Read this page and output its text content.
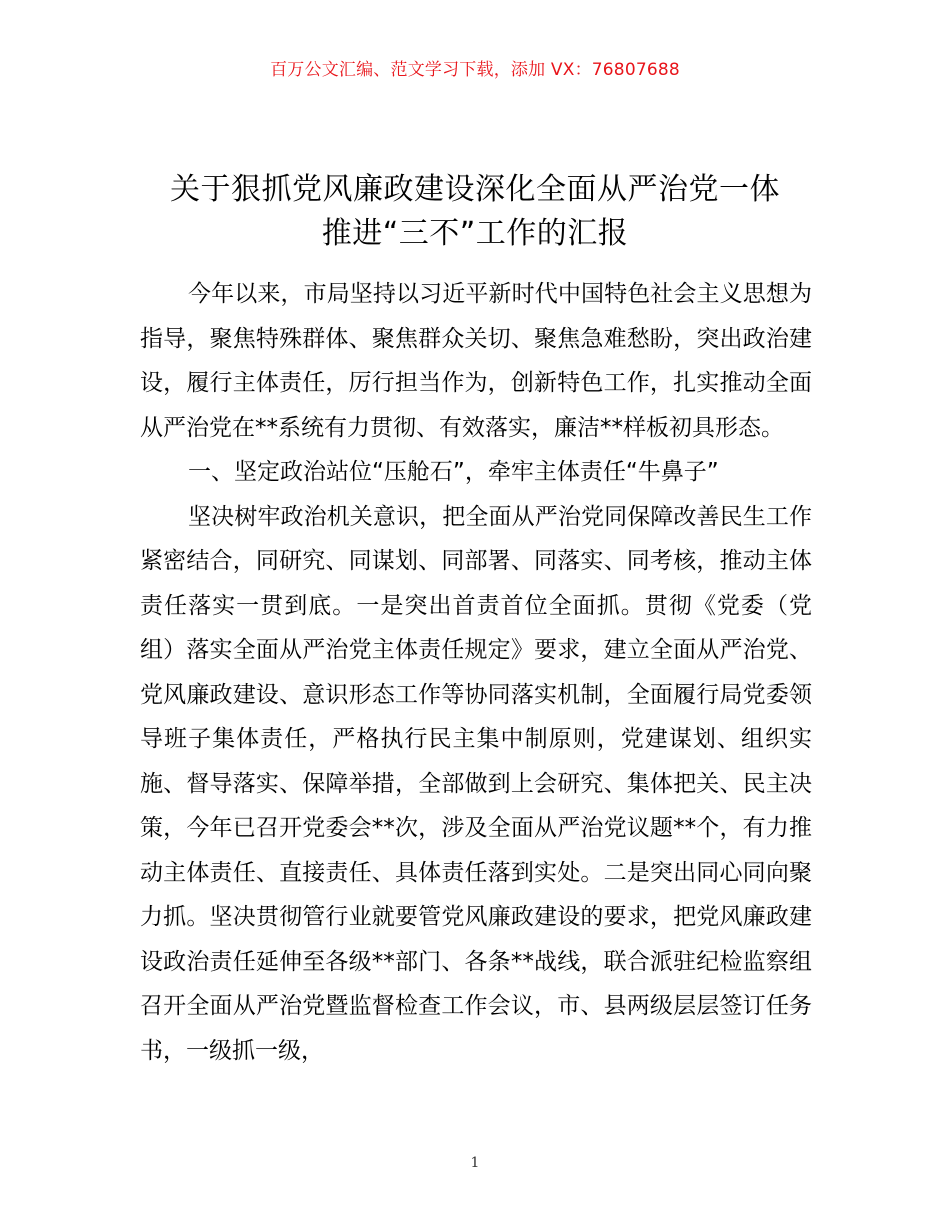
百万公文汇编、范文学习下载，添加 VX：76807688
关于狠抓党风廉政建设深化全面从严治党一体
推进“三不”工作的汇报

今年以来，市局坚持以习近平新时代中国特色社会主义思想为指导，聚焦特殊群体、聚焦群众关切、聚焦急难愁盼，突出政治建设，履行主体责任，厉行担当作为，创新特色工作，扎实推动全面从严治党在**系统有力贯彻、有效落实，廉洁**样板初具形态。

一、坚定政治站位“压舱石”，牵牢主体责任“牛鼻子”

坚决树牢政治机关意识，把全面从严治党同保障改善民生工作紧密结合，同研究、同谋划、同部署、同落实、同考核，推动主体责任落实一贯到底。一是突出首责首位全面抓。贯彻《党委（党组）落实全面从严治党主体责任规定》要求，建立全面从严治党、党风廉政建设、意识形态工作等协同落实机制，全面履行局党委领导班子集体责任，严格执行民主集中制原则，党建谋划、组织实施、督导落实、保障举措，全部做到上会研究、集体把关、民主决策，今年已召开党委会**次，涉及全面从严治党议题**个，有力推动主体责任、直接责任、具体责任落到实处。二是突出同心同向聚力抓。坚决贯彻管行业就要管党风廉政建设的要求，把党风廉政建设政治责任延伸至各级**部门、各条**战线，联合派驻纪检监察组召开全面从严治党暨监督检查工作会议，市、县两级层层签订任务书，一级抓一级，

1
